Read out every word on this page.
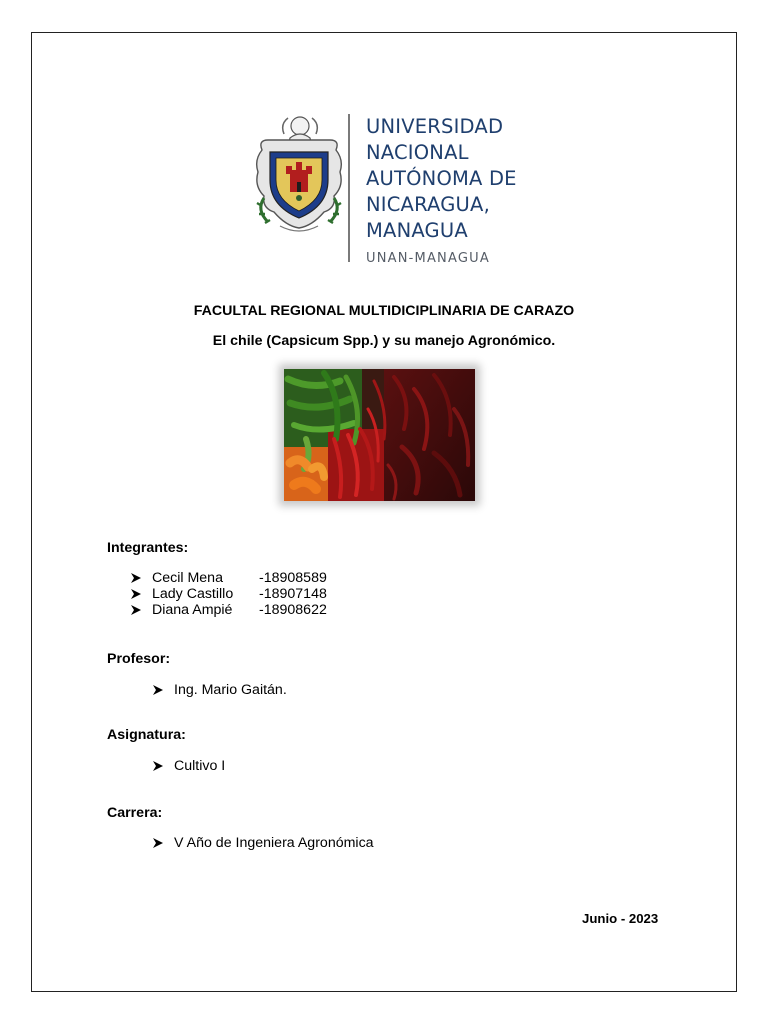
UNIVERSIDAD
NACIONAL
AUTÓNOMA DE
NICARAGUA,
MANAGUA
UNAN-MANAGUA
FACULTAL REGIONAL MULTIDICIPLINARIA DE CARAZO
El chile (Capsicum Spp.) y su manejo Agronómico.
Integrantes:
Cecil Mena	-18908589
Lady Castillo	-18907148
Diana Ampié	-18908622
Profesor:
Ing. Mario Gaitán.
Asignatura:
Cultivo I
Carrera:
V Año de Ingeniera Agronómica
Junio - 2023
